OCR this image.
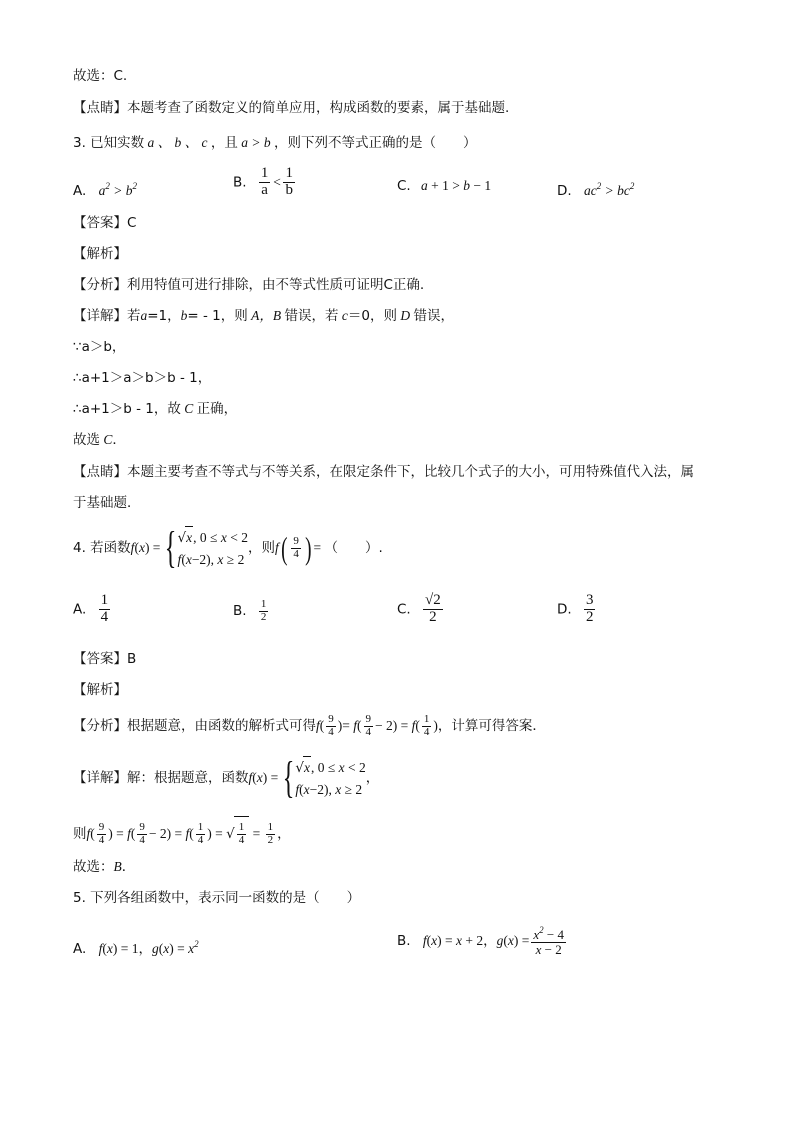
故选：C.
【点睛】本题考查了函数定义的简单应用，构成函数的要素，属于基础题.
3. 已知实数 a 、 b 、 c ，且 a > b ，则下列不等式正确的是（　　）
A. $a^2 > b^2$	B. $\frac{1}{a} < \frac{1}{b}$	C. a + 1 > b − 1	D. $ac^2 > bc^2$
【答案】C
【解析】
【分析】利用特值可进行排除，由不等式性质可证明C正确.
【详解】若a=1，b= - 1，则 A，B 错误，若 c＝0，则 D 错误，
∵a＞b，
∴a+1＞a＞b＞b - 1，
∴a+1＞b - 1，故 C 正确，
故选 C．
【点睛】本题主要考查不等式与不等关系，在限定条件下，比较几个式子的大小，可用特殊值代入法，属
于基础题．
4. 若函数f(x) = { √x, 0 ≤ x < 2
f(x−2), x ≥ 2
，则$f( \frac{9}{4}$ ) = （　　）.
A. $\frac{1}{4}$	B. $\frac{1}{2}$	C. $\frac{√2}{2}$	D. $\frac{3}{2}$
【答案】B
【解析】
【分析】根据题意，由函数的解析式可得$f( \frac{9}{4}$ )= $f( \frac{9}{4} - 2) = f( \frac{1}{4}$ )，计算可得答案．
【详解】解：根据题意，函数f(x) = { √x, 0 ≤ x < 2
f(x−2), x ≥ 2
，
则$f( \frac{9}{4}$ ) = $f( \frac{9}{4} - 2) = f( \frac{1}{4}$ ) = √ $\frac{1}{4} = \frac{1}{2}$ ，
故选：B．
5. 下列各组函数中，表示同一函数的是（　　）
A. f(x) = 1，$g(x) = x^2$	B. f(x) = x + 2，$g(x) = \frac{x^2 - 4}{x - 2}$
